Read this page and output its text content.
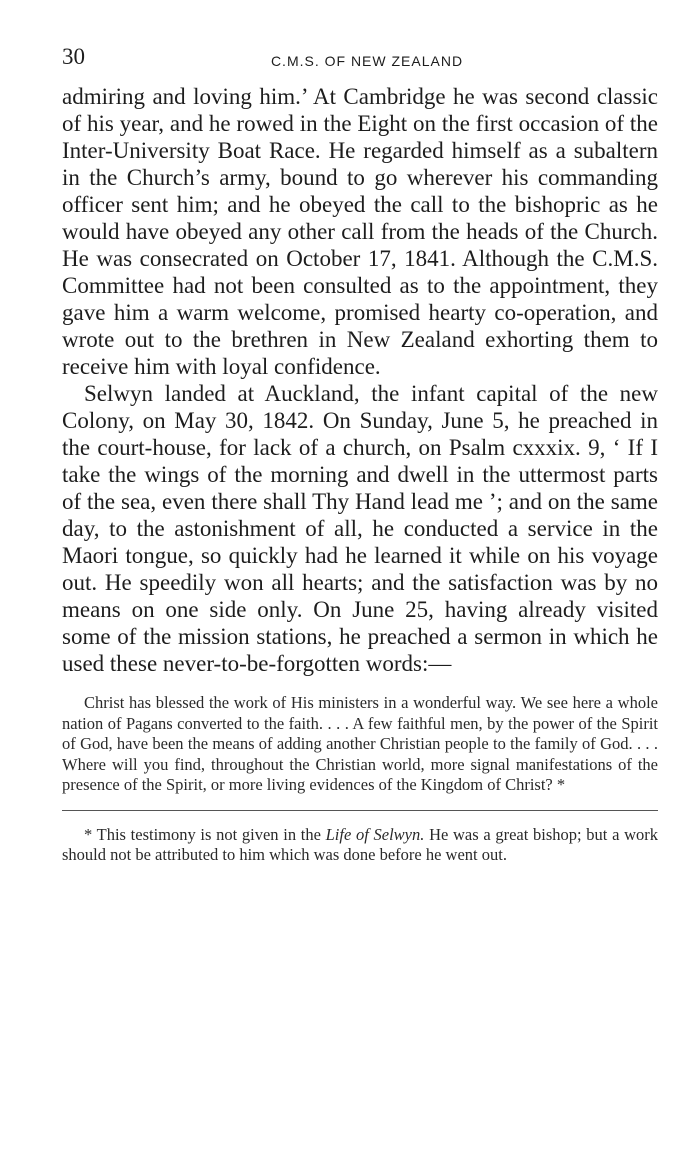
30	C.M.S. OF NEW ZEALAND

admiring and loving him.’ At Cambridge he was second classic of his year, and he rowed in the Eight on the first occasion of the Inter-University Boat Race. He regarded himself as a subaltern in the Church’s army, bound to go wherever his commanding officer sent him; and he obeyed the call to the bishopric as he would have obeyed any other call from the heads of the Church. He was consecrated on October 17, 1841. Although the C.M.S. Committee had not been consulted as to the appointment, they gave him a warm welcome, promised hearty co-operation, and wrote out to the brethren in New Zealand exhorting them to receive him with loyal confidence.

Selwyn landed at Auckland, the infant capital of the new Colony, on May 30, 1842. On Sunday, June 5, he preached in the court-house, for lack of a church, on Psalm cxxxix. 9, ‘ If I take the wings of the morning and dwell in the uttermost parts of the sea, even there shall Thy Hand lead me ’; and on the same day, to the astonishment of all, he conducted a service in the Maori tongue, so quickly had he learned it while on his voyage out. He speedily won all hearts; and the satisfaction was by no means on one side only. On June 25, having already visited some of the mission stations, he preached a sermon in which he used these never-to-be-forgotten words:—

Christ has blessed the work of His ministers in a wonderful way. We see here a whole nation of Pagans converted to the faith. . . . A few faithful men, by the power of the Spirit of God, have been the means of adding another Christian people to the family of God. . . . Where will you find, throughout the Christian world, more signal manifestations of the presence of the Spirit, or more living evidences of the Kingdom of Christ? *
* This testimony is not given in the Life of Selwyn. He was a great bishop; but a work should not be attributed to him which was done before he went out.
